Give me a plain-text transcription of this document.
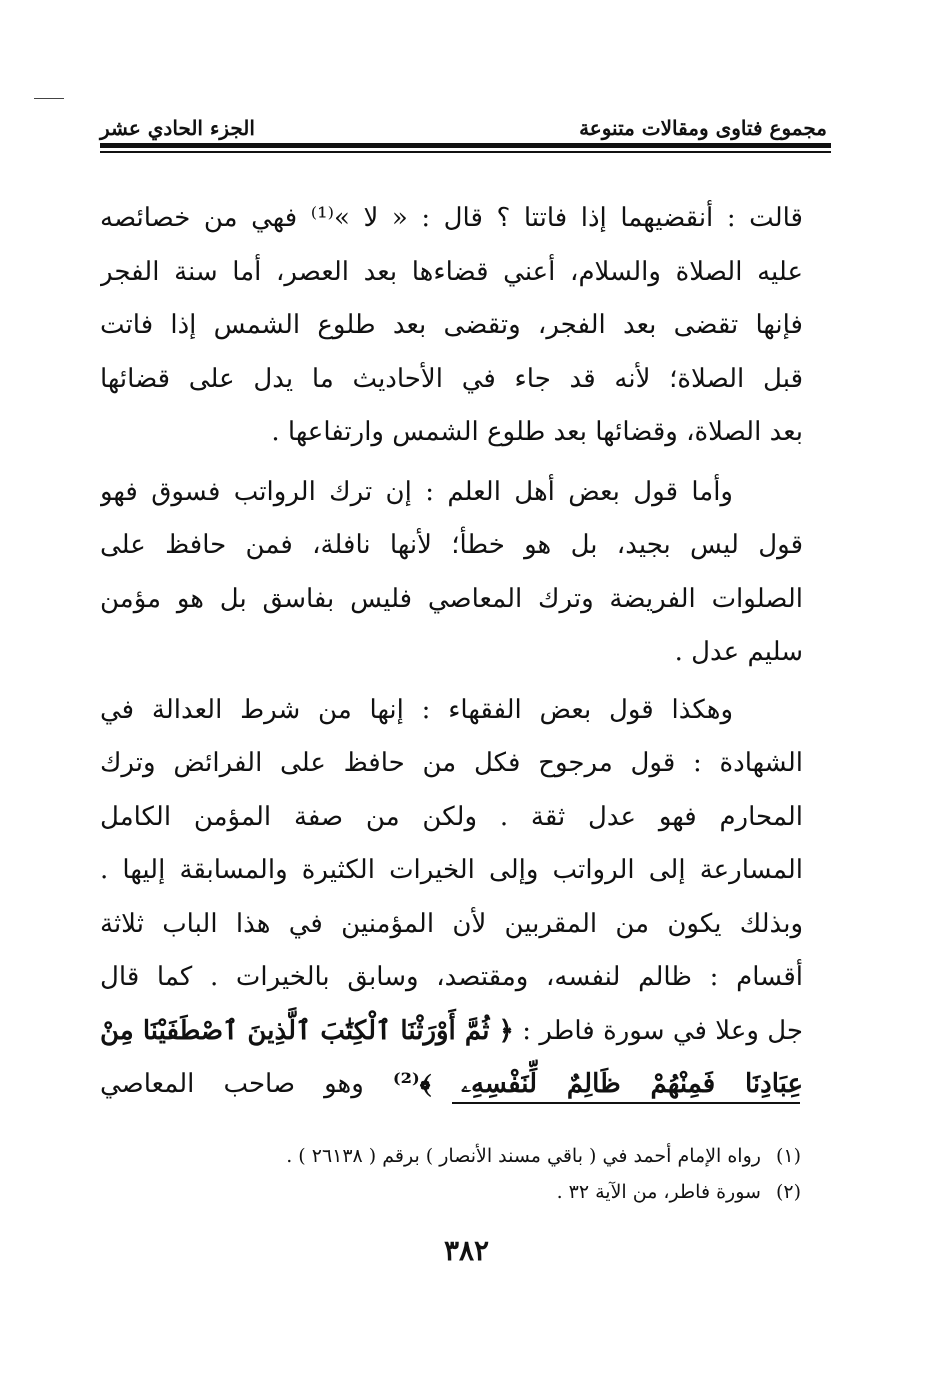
الجزء الحادي عشر	مجموع فتاوى ومقالات متنوعة
قالت : أنقضيهما إذا فاتتا ؟ قال : « لا »⁽¹⁾ فهي من خصائصه
عليه الصلاة والسلام، أعني قضاءها بعد العصر، أما سنة الفجر
فإنها تقضى بعد الفجر، وتقضى بعد طلوع الشمس إذا فاتت
قبل الصلاة؛ لأنه قد جاء في الأحاديث ما يدل على قضائها
بعد الصلاة، وقضائها بعد طلوع الشمس وارتفاعها .
وأما قول بعض أهل العلم : إن ترك الرواتب فسوق فهو
قول ليس بجيد، بل هو خطأ؛ لأنها نافلة، فمن حافظ على
الصلوات الفريضة وترك المعاصي فليس بفاسق بل هو مؤمن
سليم عدل .
وهكذا قول بعض الفقهاء : إنها من شرط العدالة في
الشهادة : قول مرجوح فكل من حافظ على الفرائض وترك
المحارم فهو عدل ثقة . ولكن من صفة المؤمن الكامل
المسارعة إلى الرواتب وإلى الخيرات الكثيرة والمسابقة إليها .
وبذلك يكون من المقربين لأن المؤمنين في هذا الباب ثلاثة
أقسام : ظالم لنفسه، ومقتصد، وسابق بالخيرات . كما قال
جل وعلا في سورة فاطر : ﴿ ثُمَّ أَوْرَثْنَا ٱلْكِتَٰبَ ٱلَّذِينَ ٱصْطَفَيْنَا مِنْ
عِبَادِنَا فَمِنْهُمْ ظَالِمٌ لِّنَفْسِهِۦ ﴾⁽²⁾ وهو صاحب المعاصي
(١) رواه الإمام أحمد في ( باقي مسند الأنصار ) برقم ( ٢٦١٣٨ ) .
(٢) سورة فاطر، من الآية ٣٢ .
٣٨٢
